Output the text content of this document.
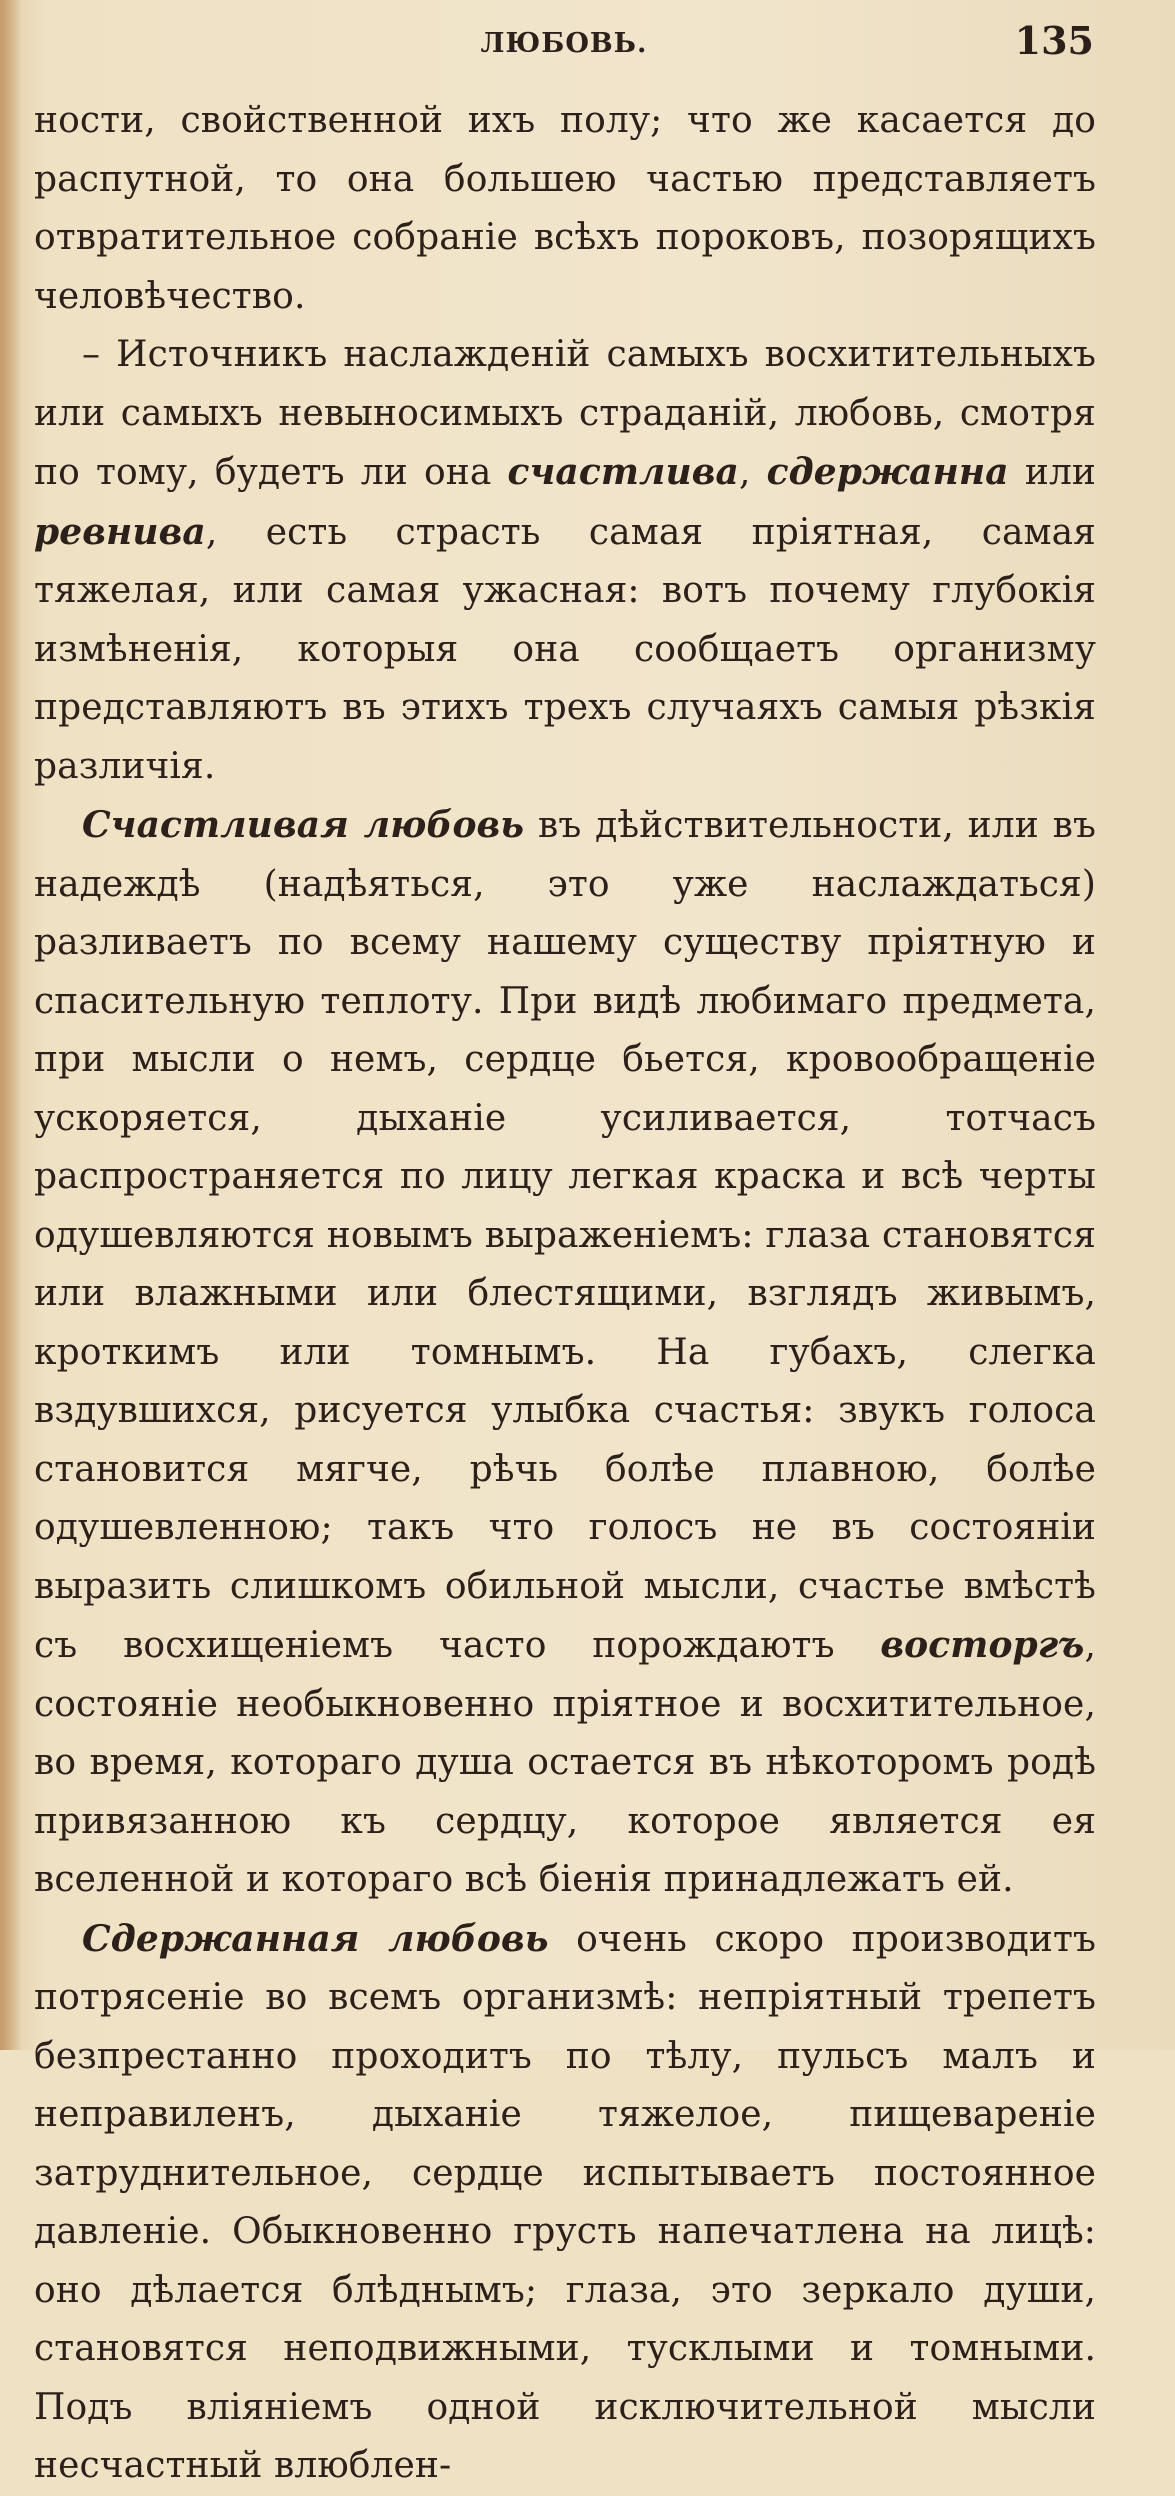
ЛЮБОВЬ.	135

ности, свойственной ихъ полу; что же касается до распутной, то она большею частью представляетъ отвратительное собраніе всѣхъ пороковъ, позорящихъ человѣчество.

– Источникъ наслажденій самыхъ восхитительныхъ или самыхъ невыносимыхъ страданій, любовь, смотря по тому, будетъ ли она счастлива, сдержанна или ревнива, есть страсть самая пріятная, самая тяжелая, или самая ужасная: вотъ почему глубокія измѣненія, которыя она сообщаетъ организму представляютъ въ этихъ трехъ случаяхъ самыя рѣзкія различія.

Счастливая любовь въ дѣйствительности, или въ надеждѣ (надѣяться, это уже наслаждаться) разливаетъ по всему нашему существу пріятную и спасительную теплоту. При видѣ любимаго предмета, при мысли о немъ, сердце бьется, кровообращеніе ускоряется, дыханіе усиливается, тотчасъ распространяется по лицу легкая краска и всѣ черты одушевляются новымъ выраженіемъ: глаза становятся или влажными или блестящими, взглядъ живымъ, кроткимъ или томнымъ. На губахъ, слегка вздувшихся, рисуется улыбка счастья: звукъ голоса становится мягче, рѣчь болѣе плавною, болѣе одушевленною; такъ что голосъ не въ состояніи выразить слишкомъ обильной мысли, счастье вмѣстѣ съ восхищеніемъ часто порождаютъ восторгъ, состояніе необыкновенно пріятное и восхитительное, во время, котораго душа остается въ нѣкоторомъ родѣ привязанною къ сердцу, которое является ея вселенной и котораго всѣ біенія принадлежатъ ей.

Сдержанная любовь очень скоро производитъ потрясеніе во всемъ организмѣ: непріятный трепетъ безпрестанно проходитъ по тѣлу, пульсъ малъ и неправиленъ, дыханіе тяжелое, пищевареніе затруднительное, сердце испытываетъ постоянное давленіе. Обыкновенно грусть напечатлена на лицѣ: оно дѣлается блѣднымъ; глаза, это зеркало души, становятся неподвижными, тусклыми и томными. Подъ вліяніемъ одной исключительной мысли несчастный влюблен-
